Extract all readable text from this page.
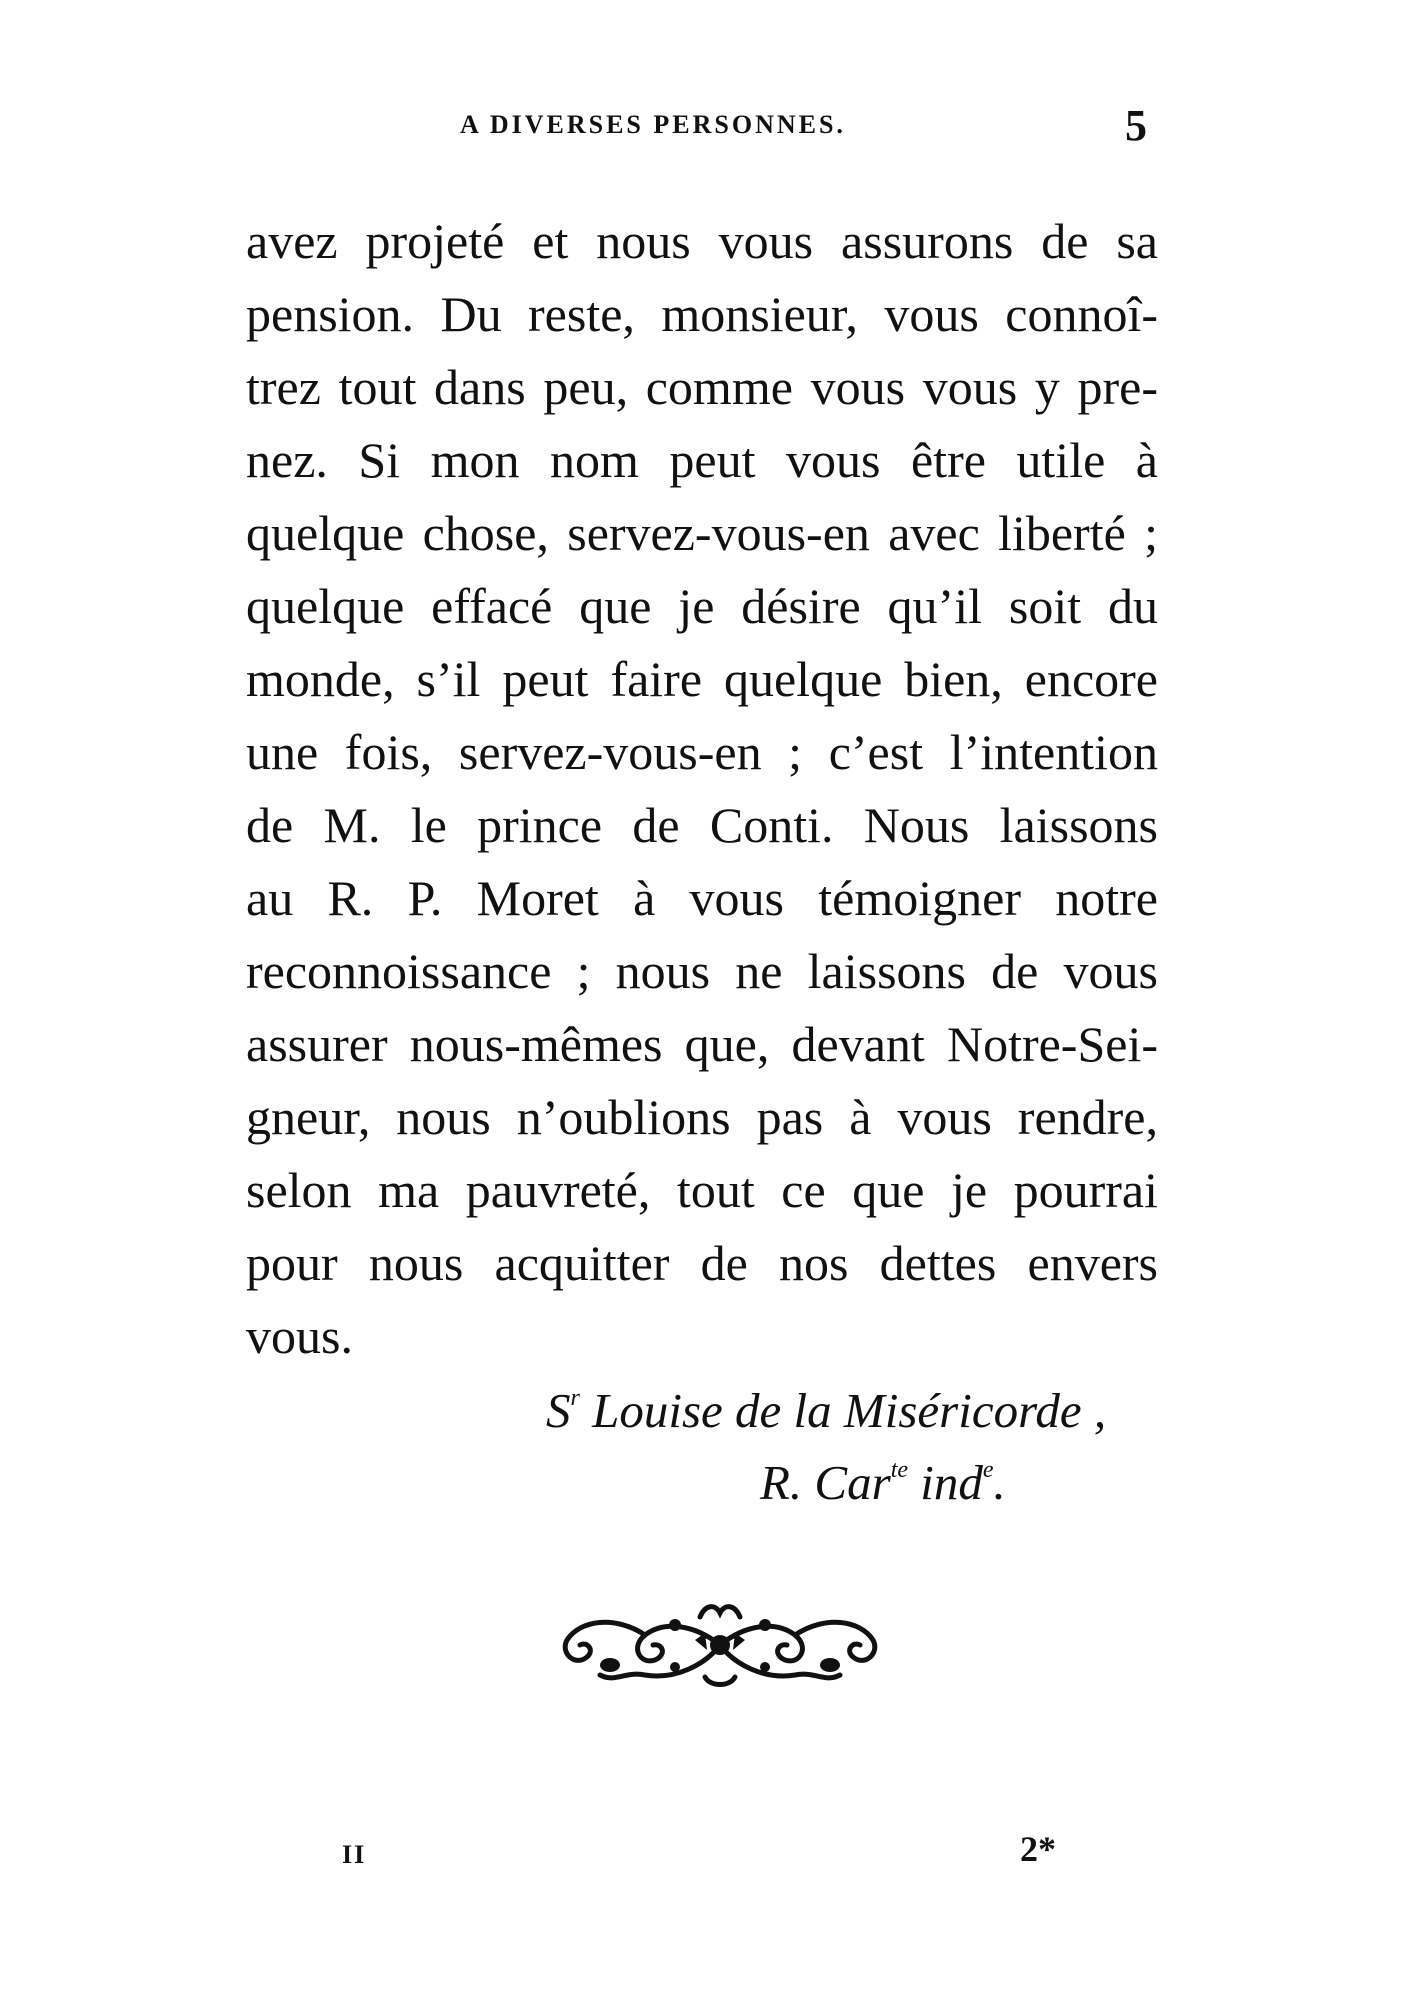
A DIVERSES PERSONNES.	5
avez projeté et nous vous assurons de sa
pension. Du reste, monsieur, vous connoî-
trez tout dans peu, comme vous vous y pre-
nez. Si mon nom peut vous être utile à
quelque chose, servez-vous-en avec liberté ;
quelque effacé que je désire qu’il soit du
monde, s’il peut faire quelque bien, encore
une fois, servez-vous-en ; c’est l’intention
de M. le prince de Conti. Nous laissons
au R. P. Moret à vous témoigner notre
reconnoissance ; nous ne laissons de vous
assurer nous-mêmes que, devant Notre-Sei-
gneur, nous n’oublions pas à vous rendre,
selon ma pauvreté, tout ce que je pourrai
pour nous acquitter de nos dettes envers
vous.
$S^r$ Louise de la Miséricorde ,
R. Car$^{te}$ ind$^e$.
II	2*
